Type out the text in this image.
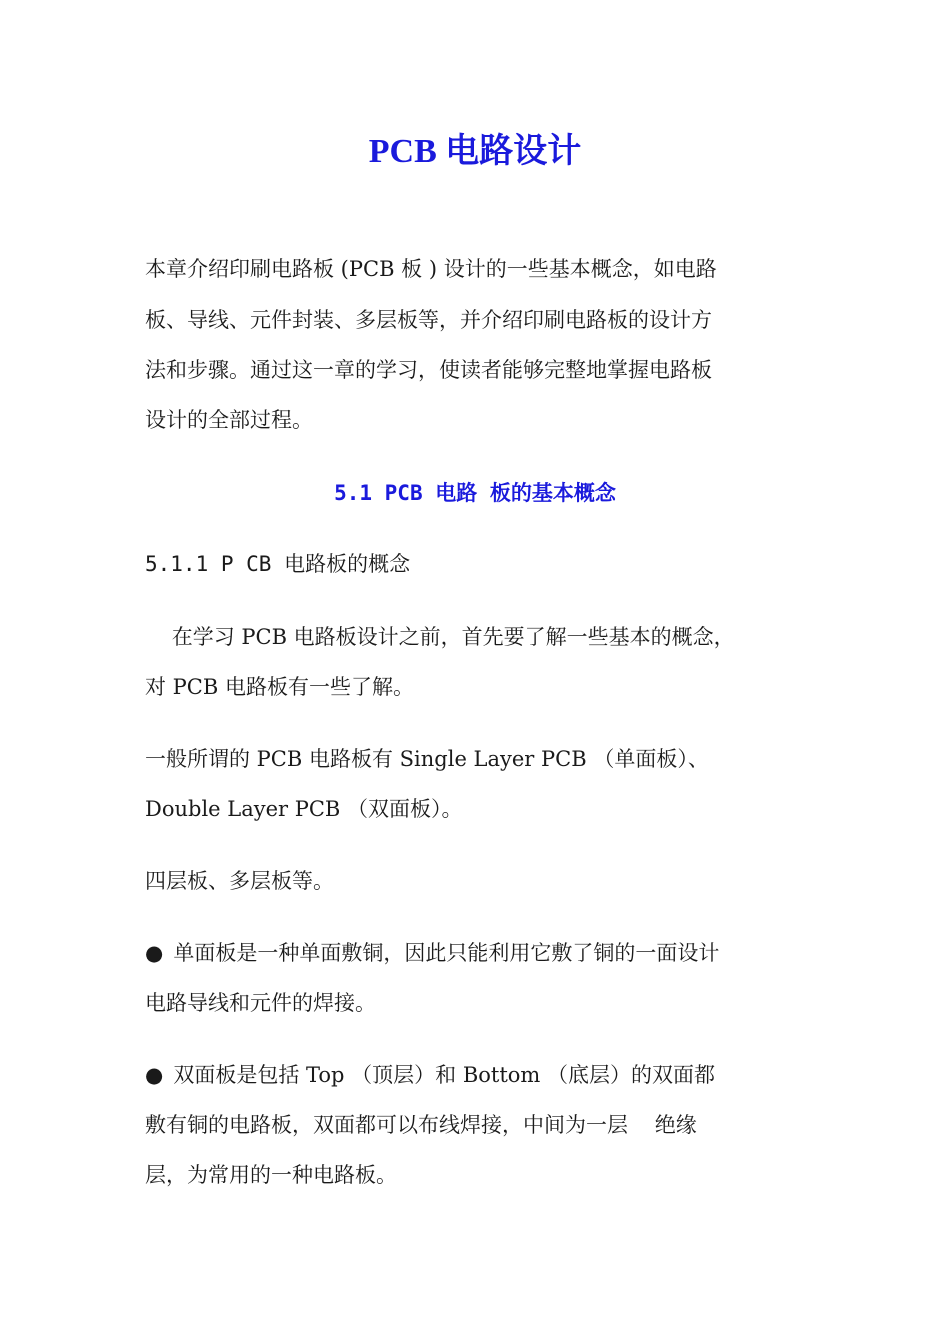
PCB 电路设计

本章介绍印刷电路板 (PCB 板 ) 设计的一些基本概念，如电路

板、导线、元件封装、多层板等，并介绍印刷电路板的设计方

法和步骤。通过这一章的学习，使读者能够完整地掌握电路板

设计的全部过程。

5.1 PCB 电路 板的基本概念

5.1.1 P CB 电路板的概念

在学习 PCB 电路板设计之前，首先要了解一些基本的概念，

对 PCB 电路板有一些了解。

一般所谓的 PCB 电路板有 Single Layer PCB （单面板）、

Double Layer PCB （双面板）。

四层板、多层板等。

● 单面板是一种单面敷铜，因此只能利用它敷了铜的一面设计

电路导线和元件的焊接。

● 双面板是包括 Top （顶层）和 Bottom （底层）的双面都

敷有铜的电路板，双面都可以布线焊接，中间为一层    绝缘

层，为常用的一种电路板。
